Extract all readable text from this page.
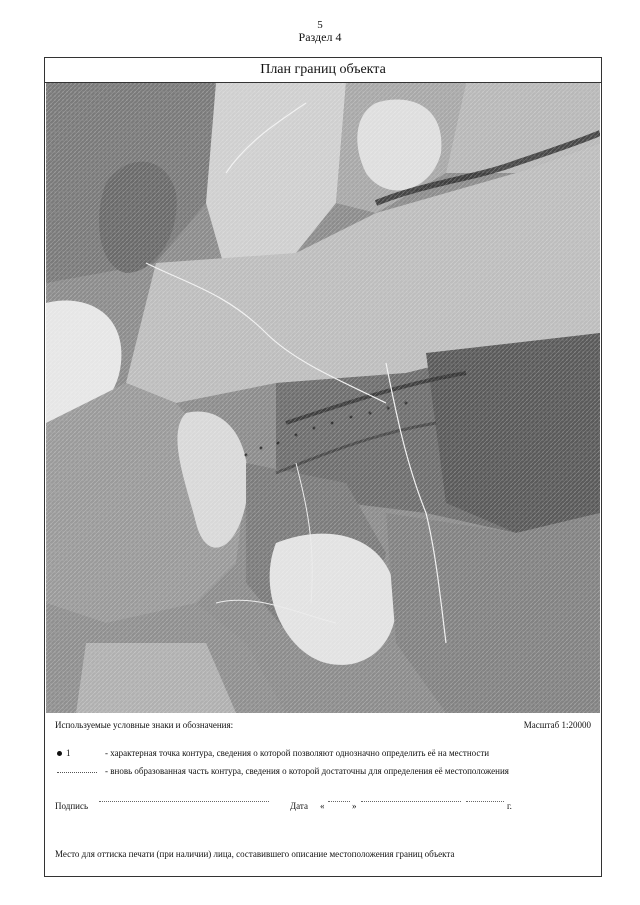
5
Раздел 4
План границ объекта
Используемые условные знаки и обозначения:	Масштаб 1:20000
1	- характерная точка контура, сведения о которой позволяют однозначно определить её на местности
- вновь образованная часть контура, сведения о которой достаточны для определения её местоположения
Подпись	Дата «	»	г.
Место для оттиска печати (при наличии) лица, составившего описание местоположения границ объекта
